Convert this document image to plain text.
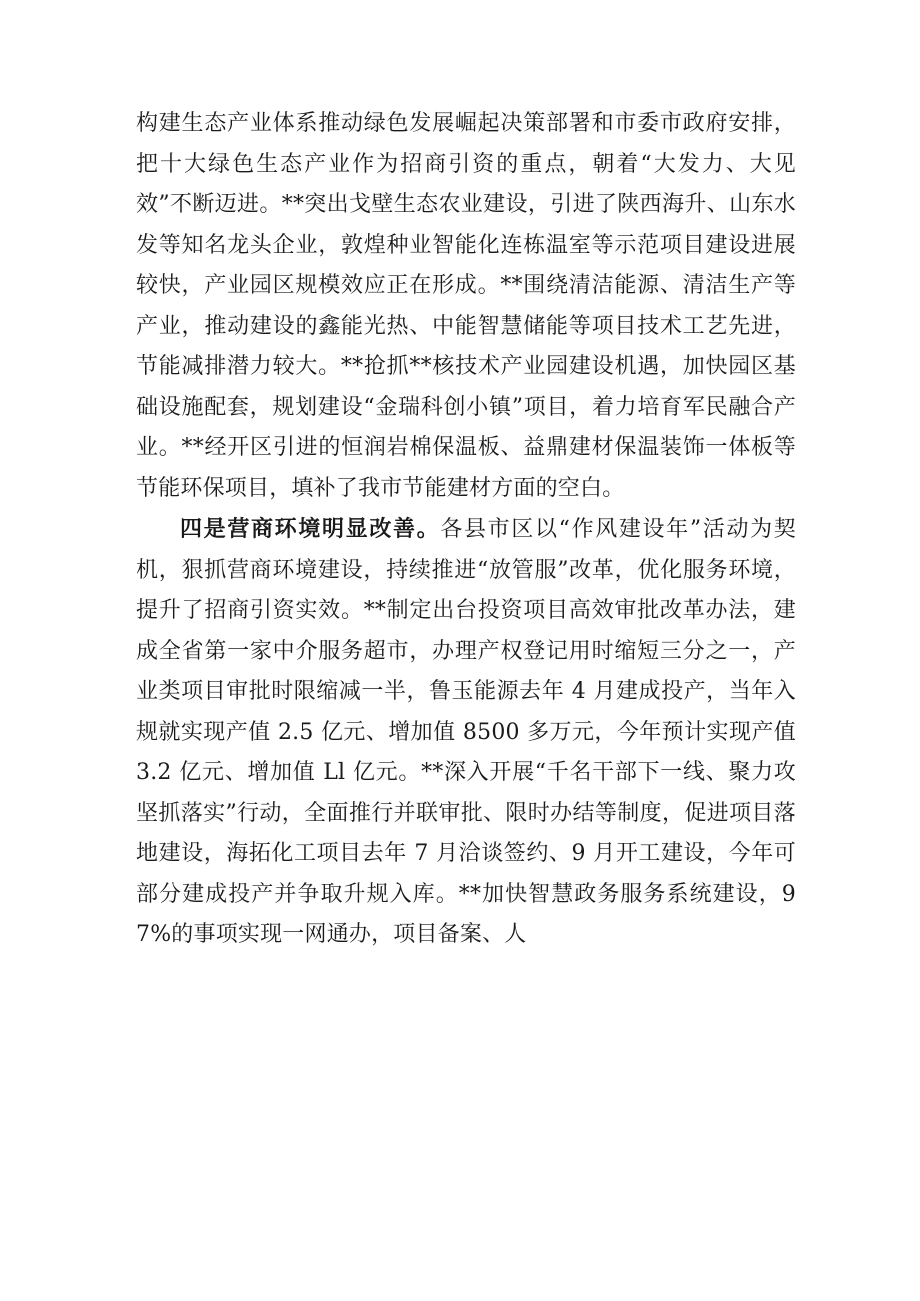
构建生态产业体系推动绿色发展崛起决策部署和市委市政府安排，把十大绿色生态产业作为招商引资的重点，朝着“大发力、大见效”不断迈进。**突出戈壁生态农业建设，引进了陕西海升、山东水发等知名龙头企业，敦煌种业智能化连栋温室等示范项目建设进展较快，产业园区规模效应正在形成。**围绕清洁能源、清洁生产等产业，推动建设的鑫能光热、中能智慧储能等项目技术工艺先进，节能减排潜力较大。**抢抓**核技术产业园建设机遇，加快园区基础设施配套，规划建设“金瑞科创小镇”项目，着力培育军民融合产业。**经开区引进的恒润岩棉保温板、益鼎建材保温装饰一体板等节能环保项目，填补了我市节能建材方面的空白。

四是营商环境明显改善。各县市区以“作风建设年”活动为契机，狠抓营商环境建设，持续推进“放管服”改革，优化服务环境，提升了招商引资实效。**制定出台投资项目高效审批改革办法，建成全省第一家中介服务超市，办理产权登记用时缩短三分之一，产业类项目审批时限缩减一半，鲁玉能源去年 4 月建成投产，当年入规就实现产值 2.5 亿元、增加值 8500 多万元，今年预计实现产值 3.2 亿元、增加值 Ll 亿元。**深入开展“千名干部下一线、聚力攻坚抓落实”行动，全面推行并联审批、限时办结等制度，促进项目落地建设，海拓化工项目去年 7 月洽谈签约、9 月开工建设，今年可部分建成投产并争取升规入库。**加快智慧政务服务系统建设，97%的事项实现一网通办，项目备案、人
